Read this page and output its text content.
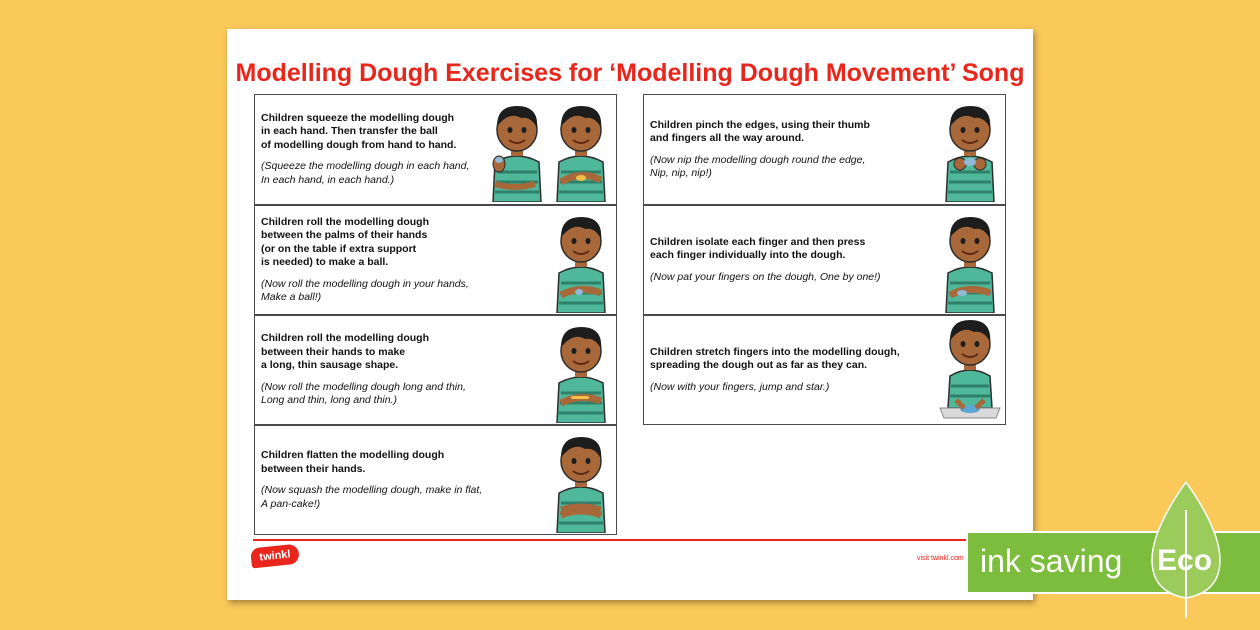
Modelling Dough Exercises for ‘Modelling Dough Movement’ Song
Children squeeze the modelling dough
in each hand. Then transfer the ball
of modelling dough from hand to hand.
(Squeeze the modelling dough in each hand,
In each hand, in each hand.)
Children roll the modelling dough
between the palms of their hands
(or on the table if extra support
is needed) to make a ball.
(Now roll the modelling dough in your hands,
Make a ball!)
Children roll the modelling dough
between their hands to make
a long, thin sausage shape.
(Now roll the modelling dough long and thin,
Long and thin, long and thin.)
Children flatten the modelling dough
between their hands.
(Now squash the modelling dough, make in flat,
A pan-cake!)
Children pinch the edges, using their thumb
and fingers all the way around.
(Now nip the modelling dough round the edge,
Nip, nip, nip!)
Children isolate each finger and then press
each finger individually into the dough.
(Now pat your fingers on the dough, One by one!)
Children stretch fingers into the modelling dough,
spreading the dough out as far as they can.
(Now with your fingers, jump and star.)
twinkl	visit twinkl.com ink saving Eco
